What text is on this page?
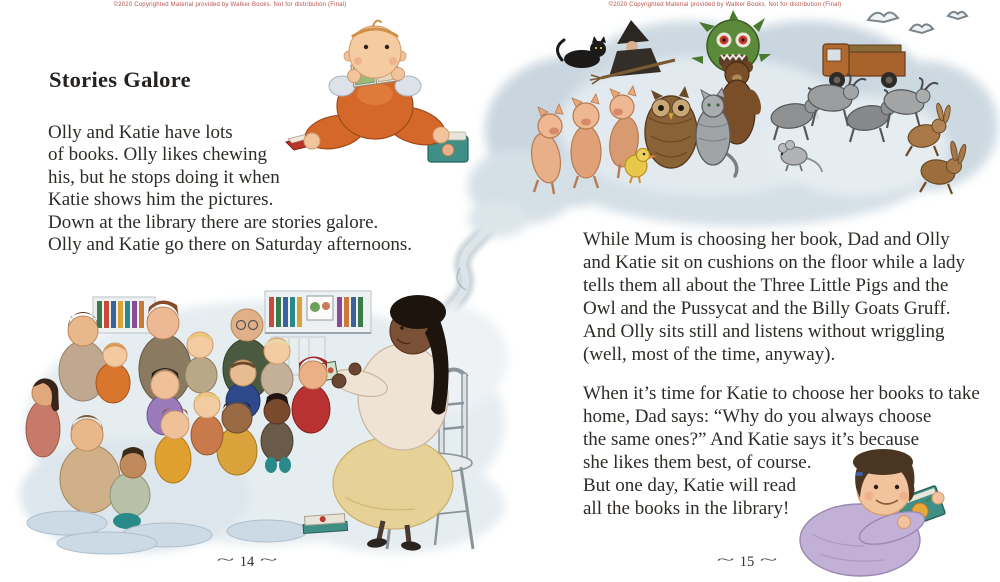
©2020 Copyrighted Material provided by Walker Books. Not for distribution (Final)
Stories Galore
Olly and Katie have lots
of books. Olly likes chewing
his, but he stops doing it when
Katie shows him the pictures.
Down at the library there are stories galore.
Olly and Katie go there on Saturday afternoons.
~ 14 ~
©2020 Copyrighted Material provided by Walker Books. Not for distribution (Final)
While Mum is choosing her book, Dad and Olly
and Katie sit on cushions on the floor while a lady
tells them all about the Three Little Pigs and the
Owl and the Pussycat and the Billy Goats Gruff.
And Olly sits still and listens without wriggling
(well, most of the time, anyway).
When it’s time for Katie to choose her books to take
home, Dad says: “Why do you always choose
the same ones?” And Katie says it’s because
she likes them best, of course.
But one day, Katie will read
all the books in the library!
~ 15 ~
